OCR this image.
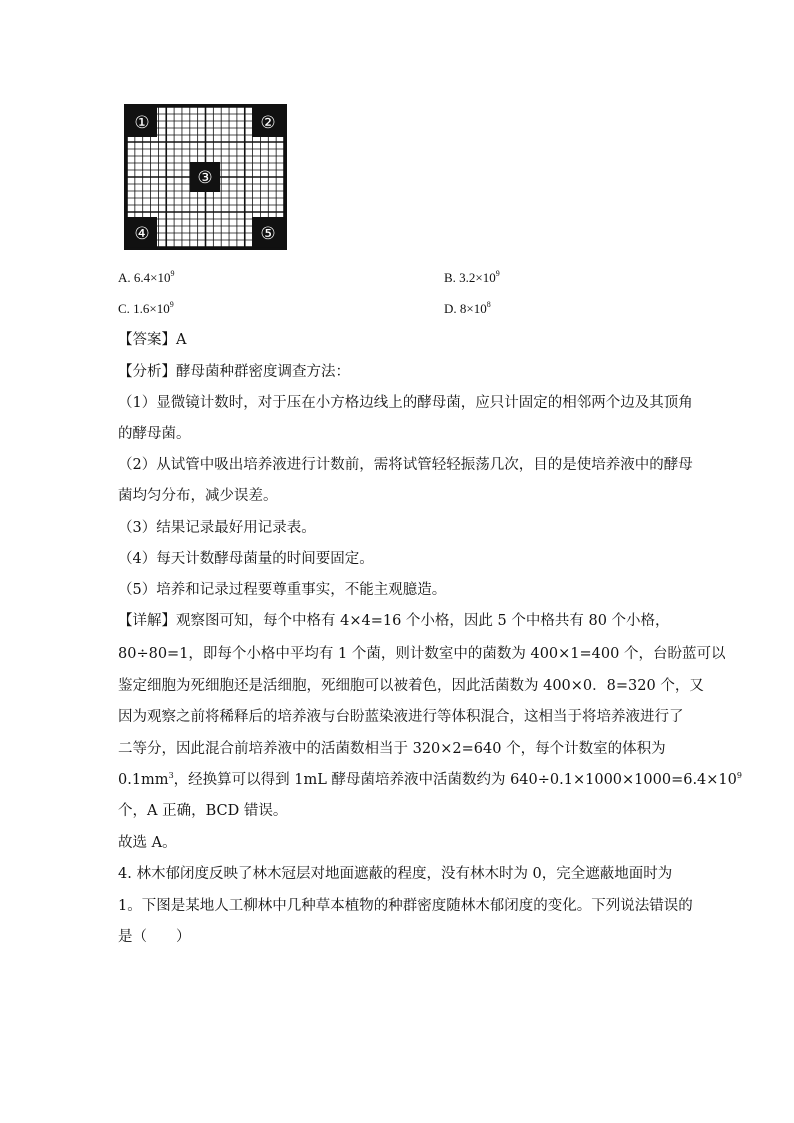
①	②
③
④	⑤
A. $6.4\times 10^9$	B. $3.2\times 10^9$
C. $1.6\times 10^9$	D. $8\times 10^8$
【答案】A
【分析】酵母菌种群密度调查方法：
（1）显微镜计数时，对于压在小方格边线上的酵母菌，应只计固定的相邻两个边及其顶角
的酵母菌。
（2）从试管中吸出培养液进行计数前，需将试管轻轻振荡几次，目的是使培养液中的酵母
菌均匀分布，减少误差。
（3）结果记录最好用记录表。
（4）每天计数酵母菌量的时间要固定。
（5）培养和记录过程要尊重事实，不能主观臆造。
【详解】观察图可知，每个中格有 4×4=16 个小格，因此 5 个中格共有 80 个小格，
80÷80=1，即每个小格中平均有 1 个菌，则计数室中的菌数为 400×1=400 个，台盼蓝可以
鉴定细胞为死细胞还是活细胞，死细胞可以被着色，因此活菌数为 400×0．8=320 个，又
因为观察之前将稀释后的培养液与台盼蓝染液进行等体积混合，这相当于将培养液进行了
二等分，因此混合前培养液中的活菌数相当于 320×2=640 个，每个计数室的体积为
$0.1mm^3$，经换算可以得到 1mL 酵母菌培养液中活菌数约为 $640\div 0.1\times 1000\times 1000=6.4\times 10^9$
个，A 正确，BCD 错误。
故选 A。
4. 林木郁闭度反映了林木冠层对地面遮蔽的程度，没有林木时为 0，完全遮蔽地面时为
1。下图是某地人工柳林中几种草本植物的种群密度随林木郁闭度的变化。下列说法错误的
是（　　）
